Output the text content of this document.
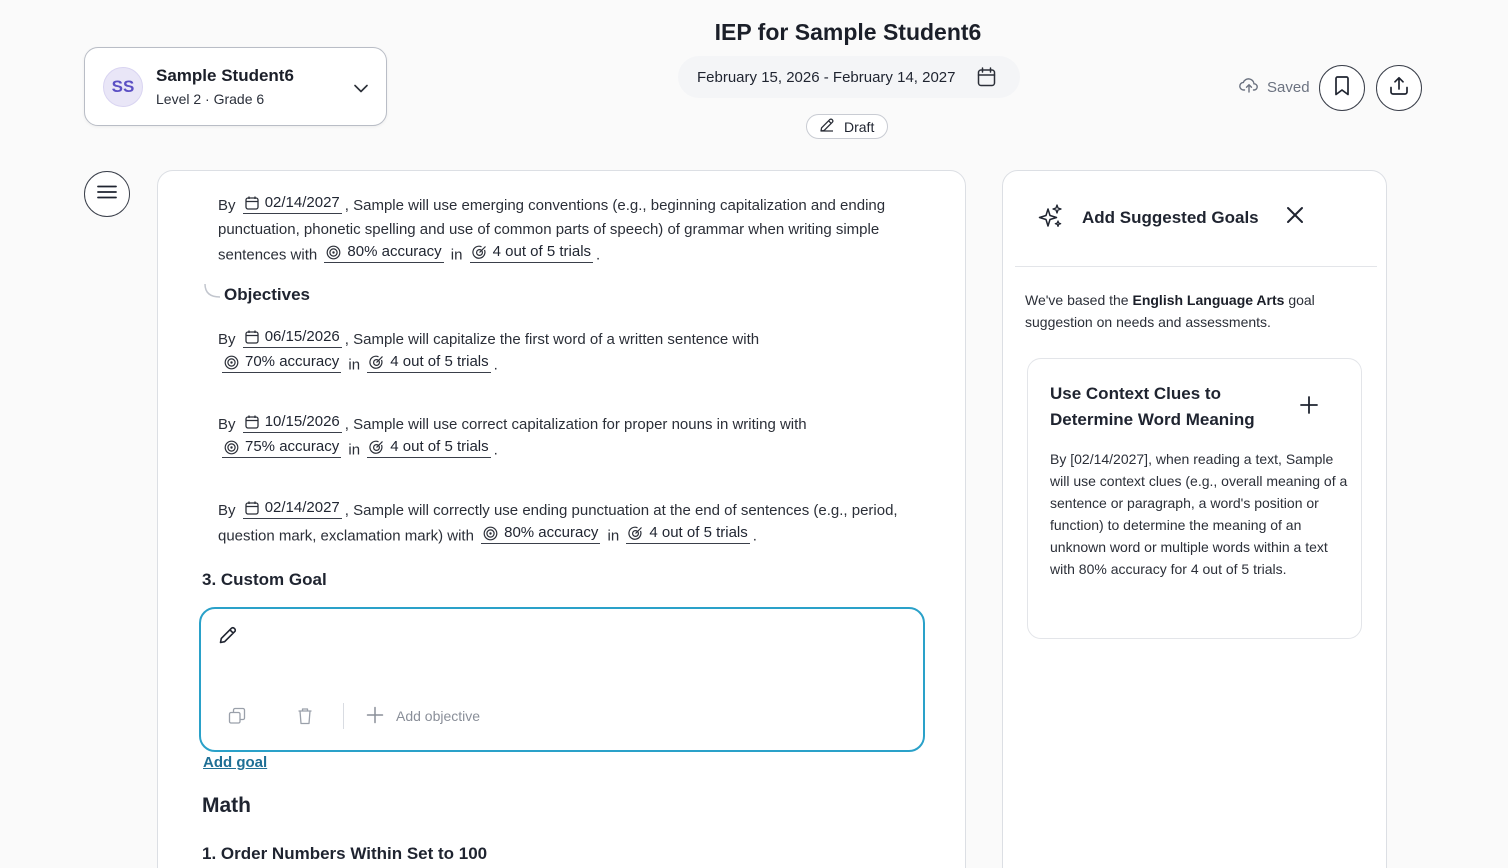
SS
Sample Student6
Level 2 · Grade 6
IEP for Sample Student6
February 15, 2026 - February 14, 2027
Draft
Saved
By 02/14/2027 , Sample will use emerging conventions (e.g., beginning capitalization and ending punctuation, phonetic spelling and use of common parts of speech) of grammar when writing simple sentences with 80% accuracy in 4 out of 5 trials .
Objectives
By 06/15/2026 , Sample will capitalize the first word of a written sentence with

70% accuracy in 4 out of 5 trials .
By 10/15/2026 , Sample will use correct capitalization for proper nouns in writing with

75% accuracy in 4 out of 5 trials .
By 02/14/2027 , Sample will correctly use ending punctuation at the end of sentences (e.g., period, question mark, exclamation mark) with 80% accuracy in 4 out of 5 trials .
3. Custom Goal
Add objective
Add goal
Math
1. Order Numbers Within Set to 100
Add Suggested Goals
We've based the English Language Arts goal suggestion on needs and assessments.
Use Context Clues to Determine Word Meaning
By [02/14/2027], when reading a text, Sample will use context clues (e.g., overall meaning of a sentence or paragraph, a word's position or function) to determine the meaning of an unknown word or multiple words within a text with 80% accuracy for 4 out of 5 trials.
